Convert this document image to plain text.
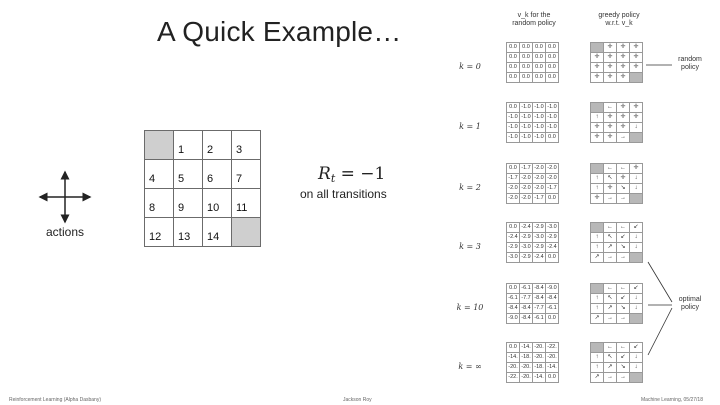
A Quick Example…
actions
	1	2	3
4	5	6	7
8	9	10	11
12	13	14	
$R_t = -1$
on all transitions
v_k for the
random policy
greedy policy
w.r.t. v_k
k = 0
0.0	0.0	0.0	0.0
0.0	0.0	0.0	0.0
0.0	0.0	0.0	0.0
0.0	0.0	0.0	0.0
	✛	✛	✛
✛	✛	✛	✛
✛	✛	✛	✛
✛	✛	✛	
k = 1
0.0	-1.0	-1.0	-1.0
-1.0	-1.0	-1.0	-1.0
-1.0	-1.0	-1.0	-1.0
-1.0	-1.0	-1.0	0.0
	←	✛	✛
↑	✛	✛	✛
✛	✛	✛	↓
✛	✛	→	
k = 2
0.0	-1.7	-2.0	-2.0
-1.7	-2.0	-2.0	-2.0
-2.0	-2.0	-2.0	-1.7
-2.0	-2.0	-1.7	0.0
	←	←	✛
↑	↖	✛	↓
↑	✛	↘	↓
✛	→	→	
k = 3
0.0	-2.4	-2.9	-3.0
-2.4	-2.9	-3.0	-2.9
-2.9	-3.0	-2.9	-2.4
-3.0	-2.9	-2.4	0.0
	←	←	↙
↑	↖	↙	↓
↑	↗	↘	↓
↗	→	→	
k = 10
0.0	-6.1	-8.4	-9.0
-6.1	-7.7	-8.4	-8.4
-8.4	-8.4	-7.7	-6.1
-9.0	-8.4	-6.1	0.0
	←	←	↙
↑	↖	↙	↓
↑	↗	↘	↓
↗	→	→	
k = ∞
0.0	-14.	-20.	-22.
-14.	-18.	-20.	-20.
-20.	-20.	-18.	-14.
-22.	-20.	-14.	0.0
	←	←	↙
↑	↖	↙	↓
↑	↗	↘	↓
↗	→	→	
random
policy
optimal
policy
Reinforcement Learning (Alpha Dasbany)	Jackson Roy	Machine Learning, 05/27/18
